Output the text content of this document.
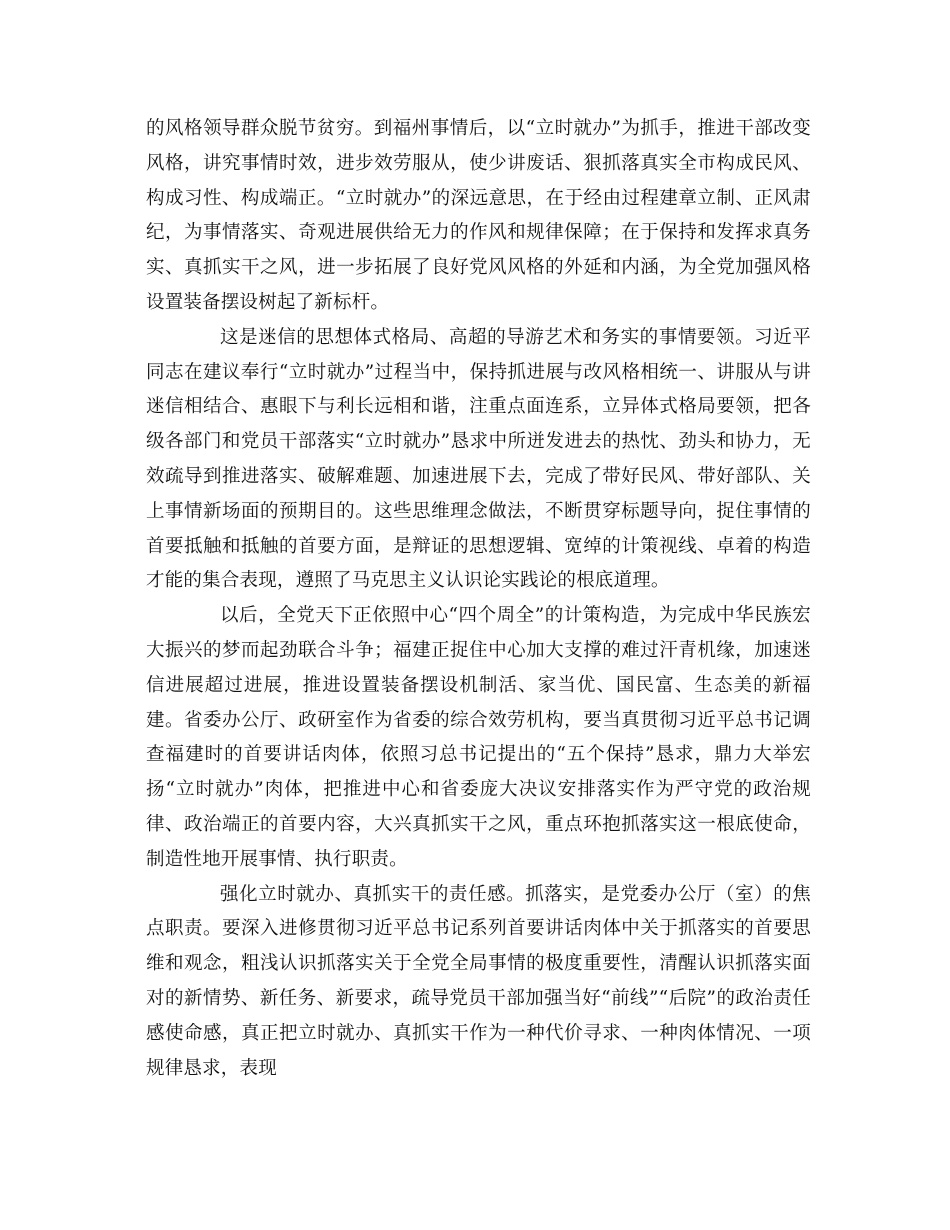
的风格领导群众脱节贫穷。到福州事情后，以“立时就办”为抓手，推进干部改变风格，讲究事情时效，进步效劳服从，使少讲废话、狠抓落真实全市构成民风、构成习性、构成端正。“立时就办”的深远意思，在于经由过程建章立制、正风肃纪，为事情落实、奇观进展供给无力的作风和规律保障；在于保持和发挥求真务实、真抓实干之风，进一步拓展了良好党风风格的外延和内涵，为全党加强风格设置装备摆设树起了新标杆。

这是迷信的思想体式格局、高超的导游艺术和务实的事情要领。习近平同志在建议奉行“立时就办”过程当中，保持抓进展与改风格相统一、讲服从与讲迷信相结合、惠眼下与利长远相和谐，注重点面连系，立异体式格局要领，把各级各部门和党员干部落实“立时就办”恳求中所迸发进去的热忱、劲头和协力，无效疏导到推进落实、破解难题、加速进展下去，完成了带好民风、带好部队、关上事情新场面的预期目的。这些思维理念做法，不断贯穿标题导向，捉住事情的首要抵触和抵触的首要方面，是辩证的思想逻辑、宽绰的计策视线、卓着的构造才能的集合表现，遵照了马克思主义认识论实践论的根底道理。

以后，全党天下正依照中心“四个周全”的计策构造，为完成中华民族宏大振兴的梦而起劲联合斗争；福建正捉住中心加大支撑的难过汗青机缘，加速迷信进展超过进展，推进设置装备摆设机制活、家当优、国民富、生态美的新福建。省委办公厅、政研室作为省委的综合效劳机构，要当真贯彻习近平总书记调查福建时的首要讲话肉体，依照习总书记提出的“五个保持”恳求，鼎力大举宏扬“立时就办”肉体，把推进中心和省委庞大决议安排落实作为严守党的政治规律、政治端正的首要内容，大兴真抓实干之风，重点环抱抓落实这一根底使命，制造性地开展事情、执行职责。

强化立时就办、真抓实干的责任感。抓落实，是党委办公厅（室）的焦点职责。要深入进修贯彻习近平总书记系列首要讲话肉体中关于抓落实的首要思维和观念，粗浅认识抓落实关于全党全局事情的极度重要性，清醒认识抓落实面对的新情势、新任务、新要求，疏导党员干部加强当好“前线”“后院”的政治责任感使命感，真正把立时就办、真抓实干作为一种代价寻求、一种肉体情况、一项规律恳求，表现
